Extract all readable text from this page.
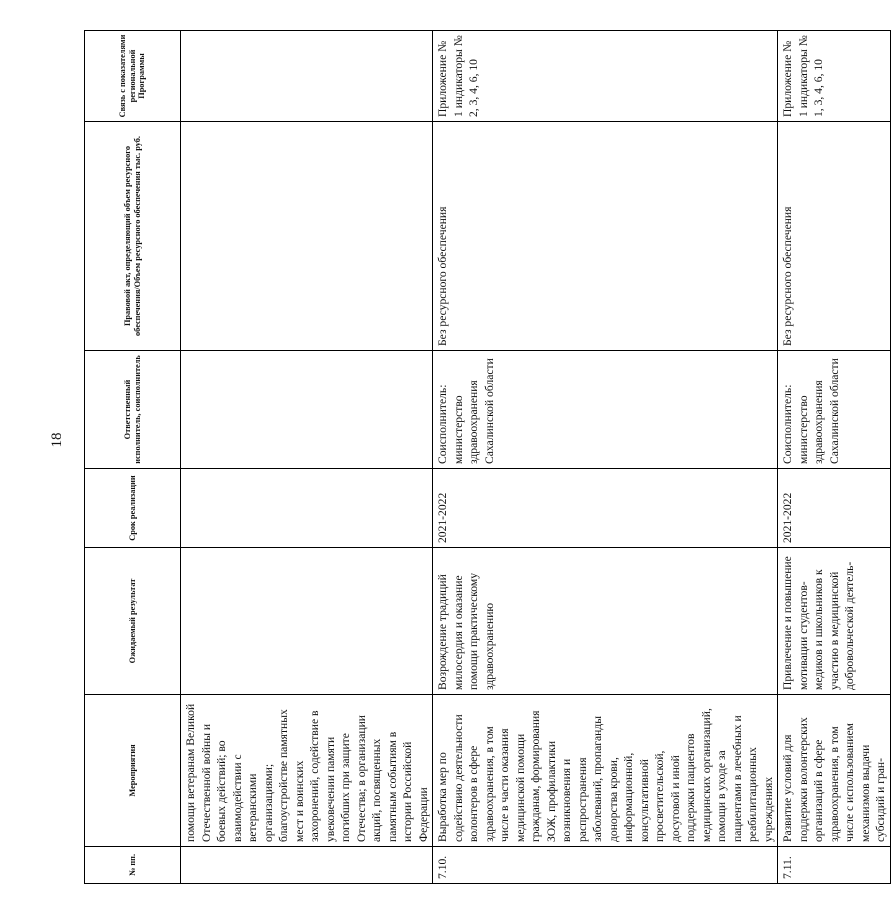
18
№ пп.	Мероприятия	Ожидаемый результат	Срок реализации	Ответственный исполнитель, соисполнитель	Правовой акт, определяющий объем ресурсного обеспечения/Объем ресурсного обеспечения тыс. руб.	Связь с показателями региональной Программы
	помощи ветеранам Великой Отечественной войны и боевых действий; во взаимодействии с ветеранскими организациями; благоустройстве памятных мест и воинских захоронений, содействие в увековечении памяти погибших при защите Отечества; в организации акций, посвященных памятным событиям в истории Российской Федерации					
7.10.	Выработка мер по содействию деятельности волонтеров в сфере здравоохранения, в том числе в части оказания медицинской помощи гражданам, формирования ЗОЖ, профилактики возникновения и распространения заболеваний, пропаганды донорства крови, информационной, консультативной просветительской, досуговой и иной поддержки пациентов медицинских организаций, помощи в уходе за пациентами в лечебных и реабилитационных учреждениях	Возрождение традиций милосердия и оказание помощи практическому здравоохранению	2021-2022	Соисполнитель: министерство здравоохранения Сахалинской области	Без ресурсного обеспечения	Приложение № 1 индикаторы № 2, 3, 4, 6, 10
7.11.	Развитие условий для поддержки волонтерских организаций в сфере здравоохранения, в том числе с использованием механизмов выдачи субсидий и гран-	Привлечение и повышение мотивации студентов-медиков и школьников к участию в медицинской добровольческой деятель-	2021-2022	Соисполнитель: министерство здравоохранения Сахалинской области	Без ресурсного обеспечения	Приложение № 1 индикаторы № 1, 3, 4, 6, 10
